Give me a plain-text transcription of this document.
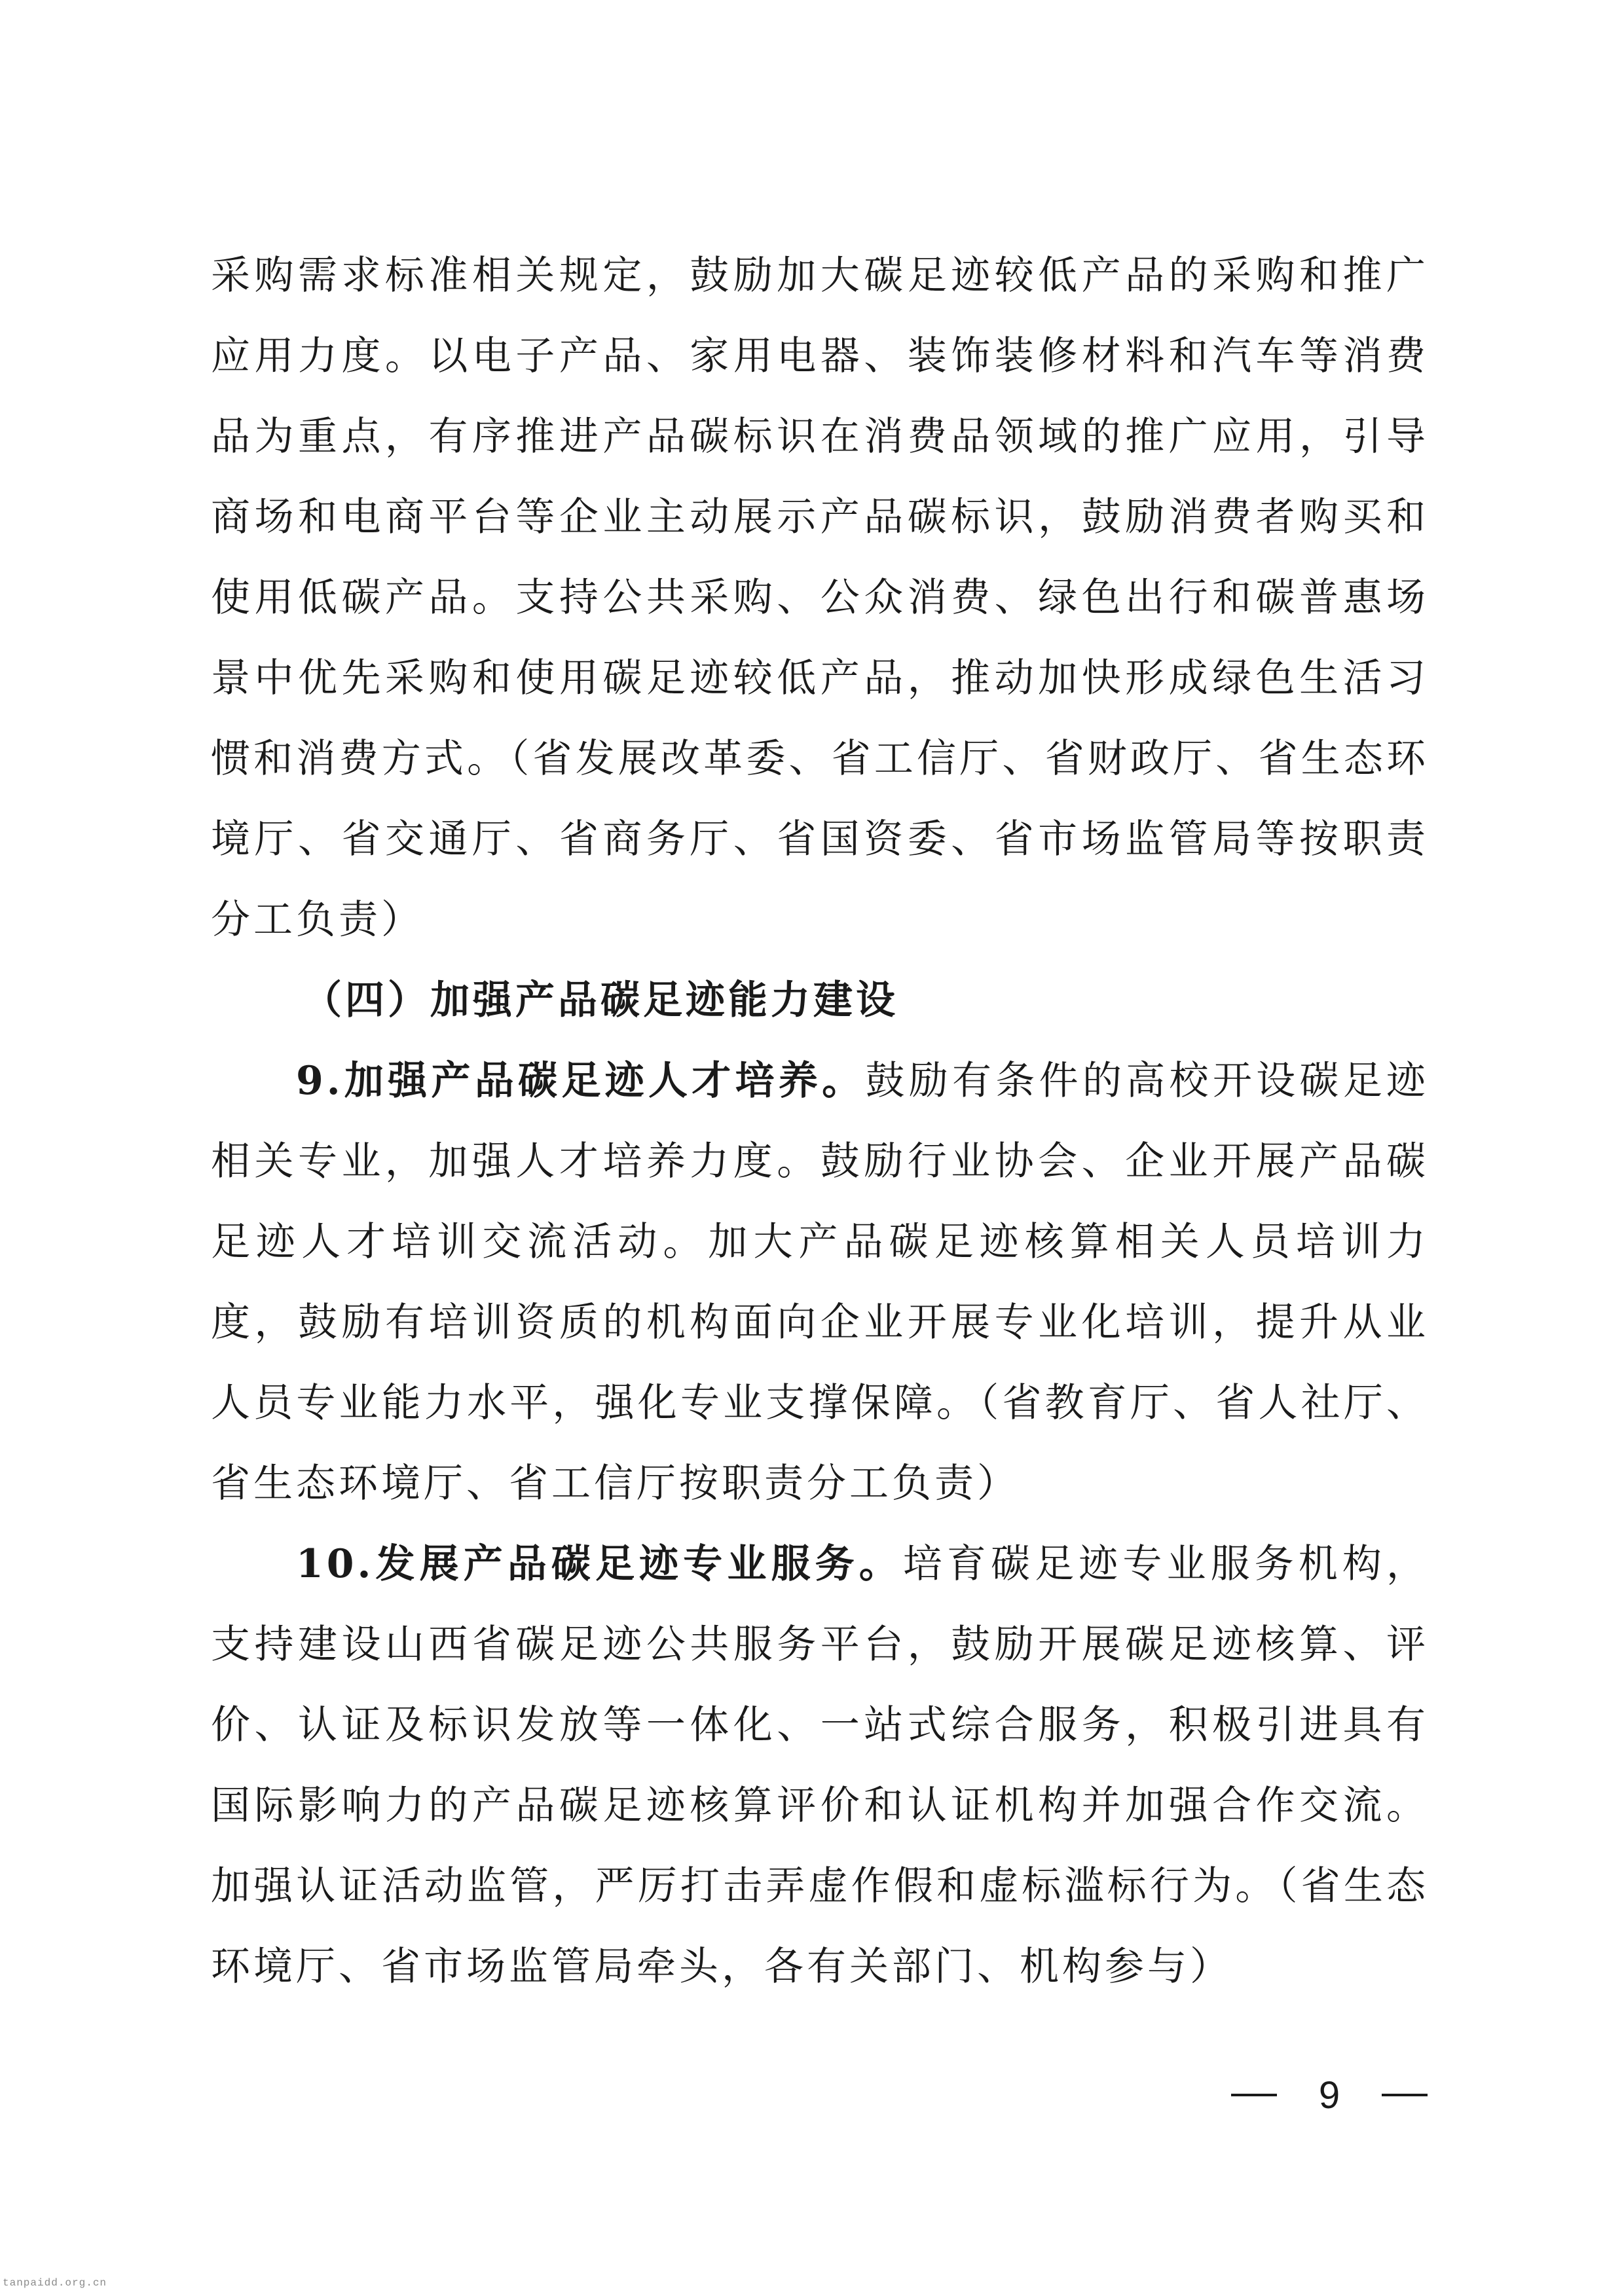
采购需求标准相关规定，鼓励加大碳足迹较低产品的采购和推广应用力度。以电子产品、家用电器、装饰装修材料和汽车等消费品为重点，有序推进产品碳标识在消费品领域的推广应用，引导商场和电商平台等企业主动展示产品碳标识，鼓励消费者购买和使用低碳产品。支持公共采购、公众消费、绿色出行和碳普惠场景中优先采购和使用碳足迹较低产品，推动加快形成绿色生活习惯和消费方式。（省发展改革委、省工信厅、省财政厅、省生态环境厅、省交通厅、省商务厅、省国资委、省市场监管局等按职责分工负责）

（四）加强产品碳足迹能力建设

9.加强产品碳足迹人才培养。鼓励有条件的高校开设碳足迹相关专业，加强人才培养力度。鼓励行业协会、企业开展产品碳足迹人才培训交流活动。加大产品碳足迹核算相关人员培训力度，鼓励有培训资质的机构面向企业开展专业化培训，提升从业人员专业能力水平，强化专业支撑保障。（省教育厅、省人社厅、省生态环境厅、省工信厅按职责分工负责）

10.发展产品碳足迹专业服务。培育碳足迹专业服务机构，支持建设山西省碳足迹公共服务平台，鼓励开展碳足迹核算、评价、认证及标识发放等一体化、一站式综合服务，积极引进具有国际影响力的产品碳足迹核算评价和认证机构并加强合作交流。加强认证活动监管，严厉打击弄虚作假和虚标滥标行为。（省生态环境厅、省市场监管局牵头，各有关部门、机构参与）

9
tanpaidd.org.cn
